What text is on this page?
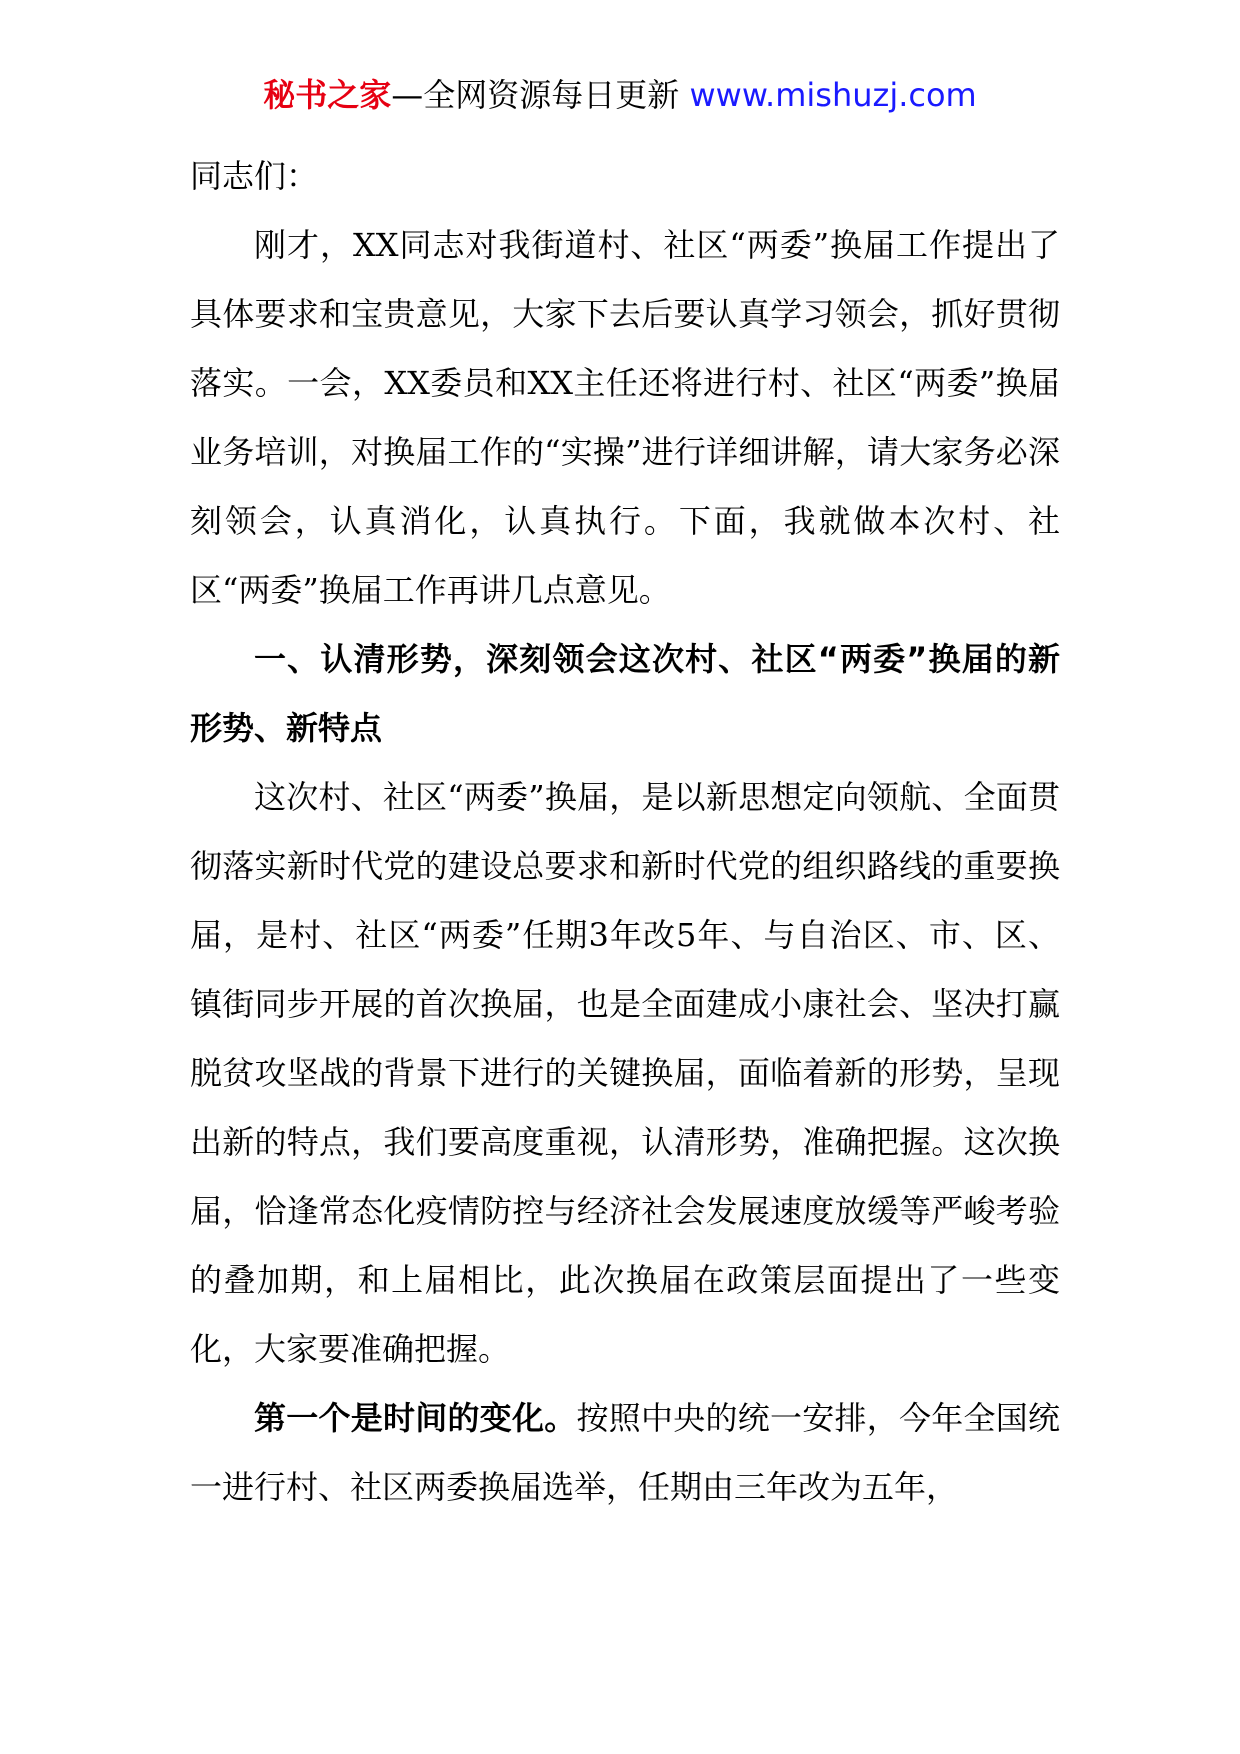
秘书之家—全网资源每日更新 www.mishuzj.com

同志们：

刚才，XX同志对我街道村、社区“两委”换届工作提出了具体要求和宝贵意见，大家下去后要认真学习领会，抓好贯彻落实。一会，XX委员和XX主任还将进行村、社区“两委”换届业务培训，对换届工作的“实操”进行详细讲解，请大家务必深刻领会，认真消化，认真执行。下面，我就做本次村、社区“两委”换届工作再讲几点意见。

一、认清形势，深刻领会这次村、社区“两委”换届的新形势、新特点

这次村、社区“两委”换届，是以新思想定向领航、全面贯彻落实新时代党的建设总要求和新时代党的组织路线的重要换届，是村、社区“两委”任期3年改5年、与自治区、市、区、镇街同步开展的首次换届，也是全面建成小康社会、坚决打赢脱贫攻坚战的背景下进行的关键换届，面临着新的形势，呈现出新的特点，我们要高度重视，认清形势，准确把握。这次换届，恰逢常态化疫情防控与经济社会发展速度放缓等严峻考验的叠加期，和上届相比，此次换届在政策层面提出了一些变化，大家要准确把握。

第一个是时间的变化。按照中央的统一安排，今年全国统一进行村、社区两委换届选举，任期由三年改为五年，
